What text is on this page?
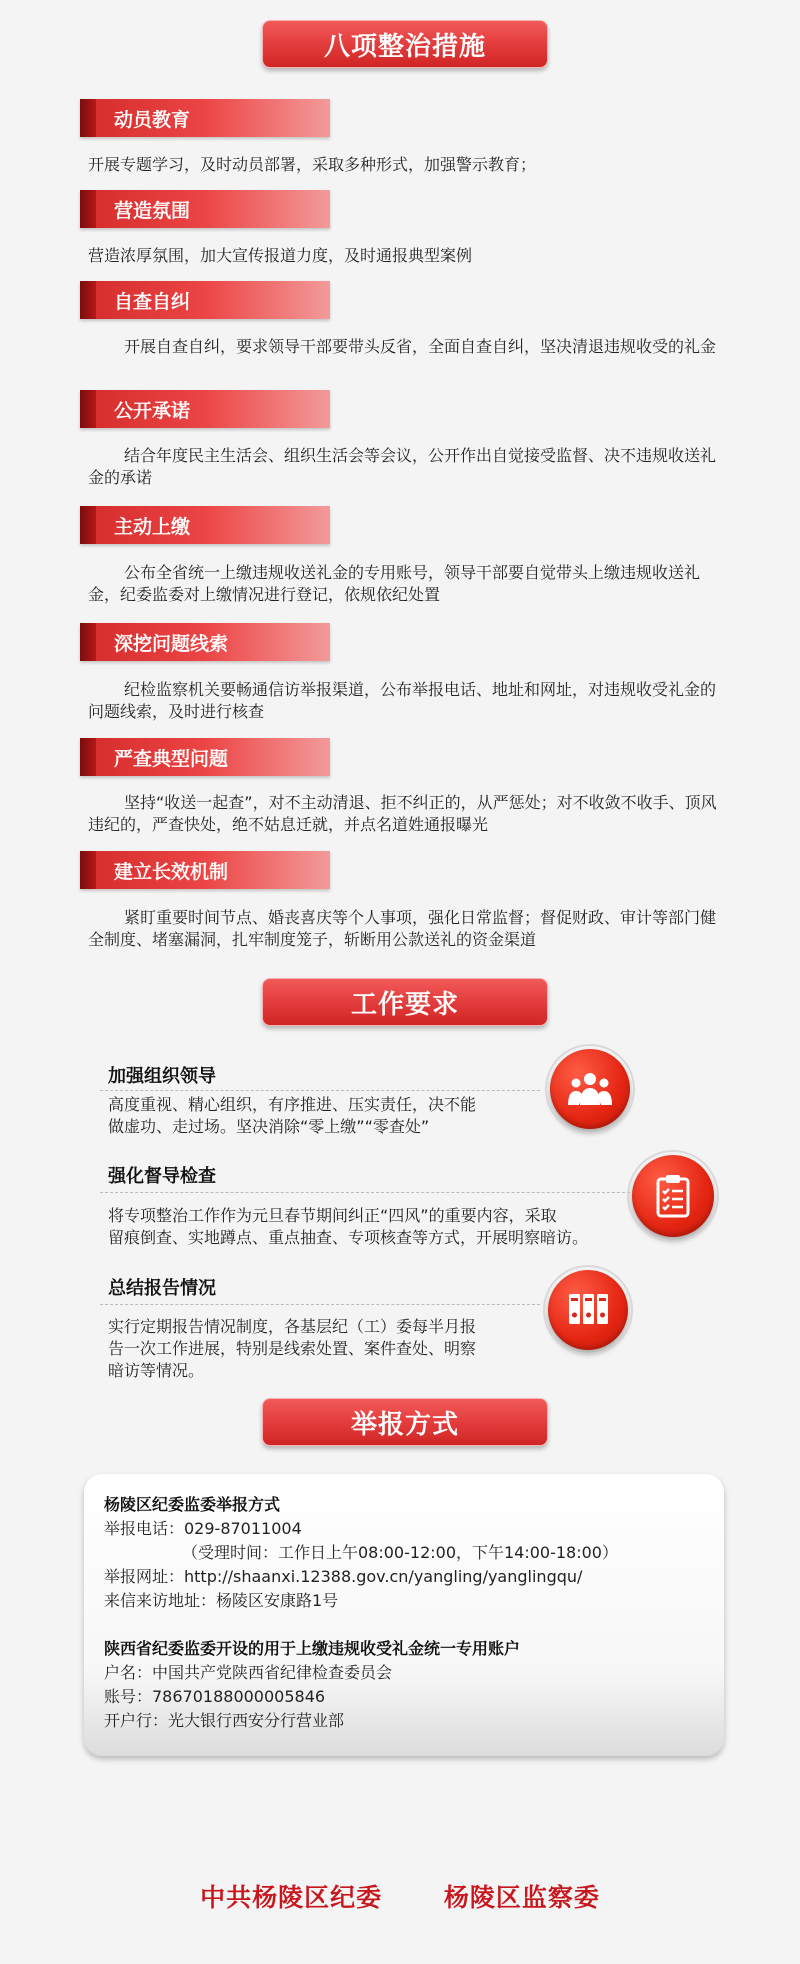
八项整治措施
动员教育
开展专题学习，及时动员部署，采取多种形式，加强警示教育；
营造氛围
营造浓厚氛围，加大宣传报道力度，及时通报典型案例
自查自纠
开展自查自纠，要求领导干部要带头反省，全面自查自纠，坚决清退违规收受的礼金
公开承诺
结合年度民主生活会、组织生活会等会议，公开作出自觉接受监督、决不违规收送礼金的承诺
主动上缴
公布全省统一上缴违规收送礼金的专用账号，领导干部要自觉带头上缴违规收送礼金，纪委监委对上缴情况进行登记，依规依纪处置
深挖问题线索
纪检监察机关要畅通信访举报渠道，公布举报电话、地址和网址，对违规收受礼金的问题线索，及时进行核查
严查典型问题
坚持“收送一起查”，对不主动清退、拒不纠正的，从严惩处；对不收敛不收手、顶风违纪的，严查快处，绝不姑息迁就，并点名道姓通报曝光
建立长效机制
紧盯重要时间节点、婚丧喜庆等个人事项，强化日常监督；督促财政、审计等部门健全制度、堵塞漏洞，扎牢制度笼子，斩断用公款送礼的资金渠道
工作要求
加强组织领导
高度重视、精心组织，有序推进、压实责任，决不能
做虚功、走过场。坚决消除“零上缴”“零查处”
强化督导检查
将专项整治工作作为元旦春节期间纠正“四风”的重要内容，采取
留痕倒查、实地蹲点、重点抽查、专项核查等方式，开展明察暗访。
总结报告情况
实行定期报告情况制度，各基层纪（工）委每半月报
告一次工作进展，特别是线索处置、案件查处、明察
暗访等情况。
举报方式
杨陵区纪委监委举报方式
举报电话：029-87011004
（受理时间：工作日上午08:00-12:00，下午14:00-18:00）
举报网址：http://shaanxi.12388.gov.cn/yangling/yanglingqu/
来信来访地址：杨陵区安康路1号
陕西省纪委监委开设的用于上缴违规收受礼金统一专用账户
户名：中国共产党陕西省纪律检查委员会
账号：78670188000005846
开户行：光大银行西安分行营业部
中共杨陵区纪委 杨陵区监察委
